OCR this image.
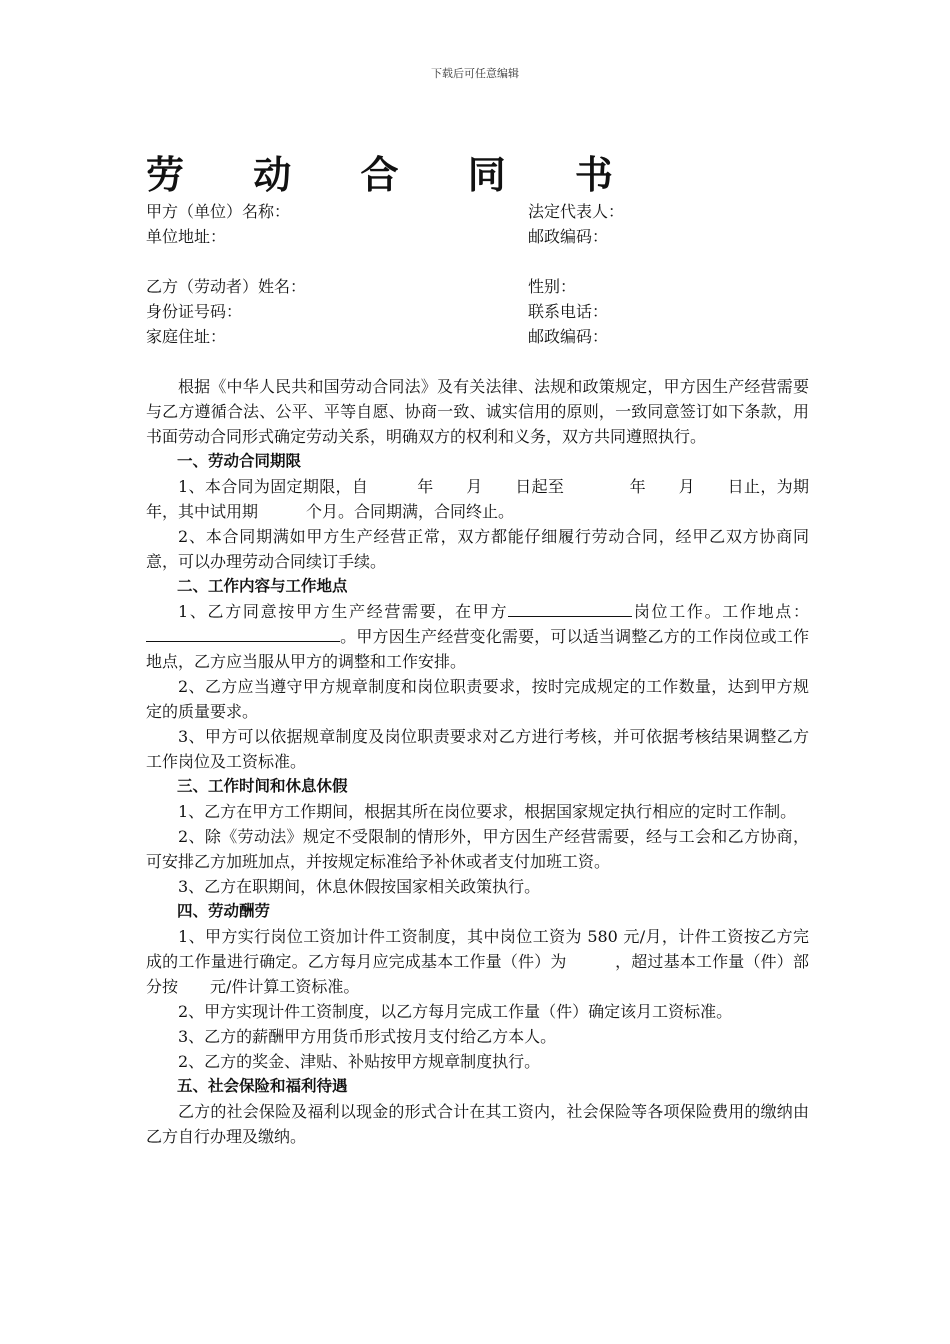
下载后可任意编辑
劳 动 合 同 书
甲方（单位）名称：	法定代表人：
单位地址：	邮政编码：
乙方（劳动者）姓名：	性别：
身份证号码：	联系电话：
家庭住址：	邮政编码：

根据《中华人民共和国劳动合同法》及有关法律、法规和政策规定，甲方因生产经营需要与乙方遵循合法、公平、平等自愿、协商一致、诚实信用的原则，一致同意签订如下条款，用书面劳动合同形式确定劳动关系，明确双方的权利和义务，双方共同遵照执行。

一、劳动合同期限

1、本合同为固定期限，自　　　年　　月　　日起至　　　　年　　月　　日止，为期　　年，其中试用期　　　个月。合同期满，合同终止。

2、本合同期满如甲方生产经营正常，双方都能仔细履行劳动合同，经甲乙双方协商同意，可以办理劳动合同续订手续。

二、工作内容与工作地点

1、乙方同意按甲方生产经营需要，在甲方	岗位工作。工作地点：。甲方因生产经营变化需要，可以适当调整乙方的工作岗位或工作地点，乙方应当服从甲方的调整和工作安排。

2、乙方应当遵守甲方规章制度和岗位职责要求，按时完成规定的工作数量，达到甲方规定的质量要求。

3、甲方可以依据规章制度及岗位职责要求对乙方进行考核，并可依据考核结果调整乙方工作岗位及工资标准。

三、工作时间和休息休假

1、乙方在甲方工作期间，根据其所在岗位要求，根据国家规定执行相应的定时工作制。

2、除《劳动法》规定不受限制的情形外，甲方因生产经营需要，经与工会和乙方协商，可安排乙方加班加点，并按规定标准给予补休或者支付加班工资。

3、乙方在职期间，休息休假按国家相关政策执行。

四、劳动酬劳

1、甲方实行岗位工资加计件工资制度，其中岗位工资为 580 元/月，计件工资按乙方完成的工作量进行确定。乙方每月应完成基本工作量（件）为　　　，超过基本工作量（件）部分按　　元/件计算工资标准。

2、甲方实现计件工资制度，以乙方每月完成工作量（件）确定该月工资标准。

3、乙方的薪酬甲方用货币形式按月支付给乙方本人。

2、乙方的奖金、津贴、补贴按甲方规章制度执行。

五、社会保险和福利待遇

乙方的社会保险及福利以现金的形式合计在其工资内，社会保险等各项保险费用的缴纳由乙方自行办理及缴纳。
